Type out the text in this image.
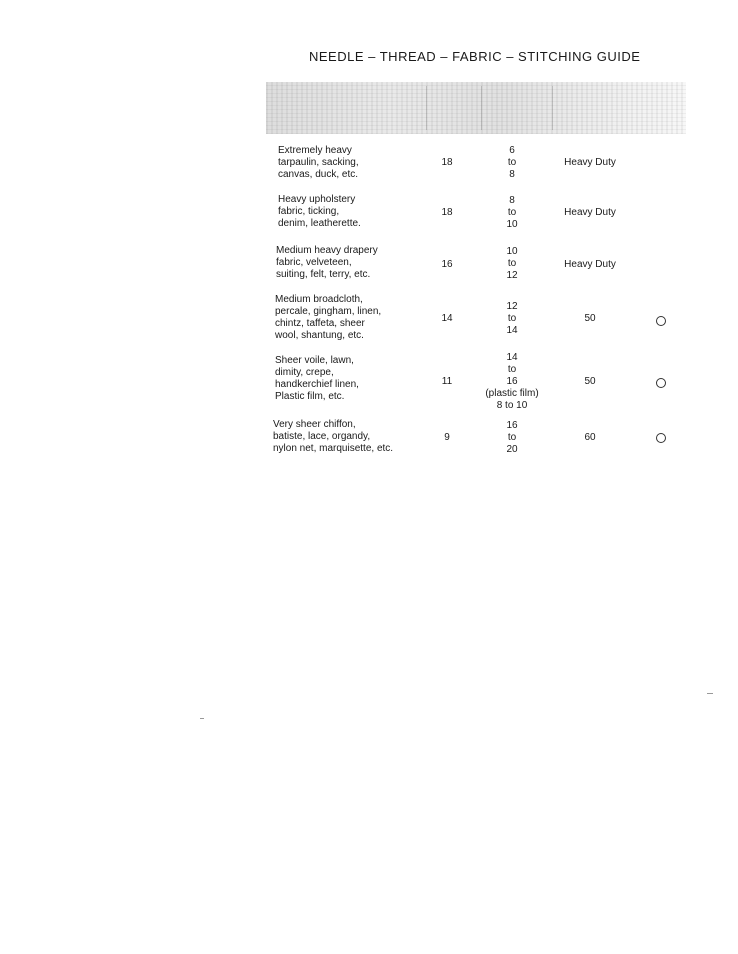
NEEDLE – THREAD – FABRIC – STITCHING GUIDE
Extremely heavy
tarpaulin, sacking,
canvas, duck, etc.
18
6
to
8
Heavy Duty
Heavy upholstery
fabric, ticking,
denim, leatherette.
18
8
to
10
Heavy Duty
Medium heavy drapery
fabric, velveteen,
suiting, felt, terry, etc.
16
10
to
12
Heavy Duty
Medium broadcloth,
percale, gingham, linen,
chintz, taffeta, sheer
wool, shantung, etc.
14
12
to
14
50
Sheer voile, lawn,
dimity, crepe,
handkerchief linen,
Plastic film, etc.
11
14
to
16
(plastic film)
8 to 10
50
Very sheer chiffon,
batiste, lace, organdy,
nylon net, marquisette, etc.
9
16
to
20
60
